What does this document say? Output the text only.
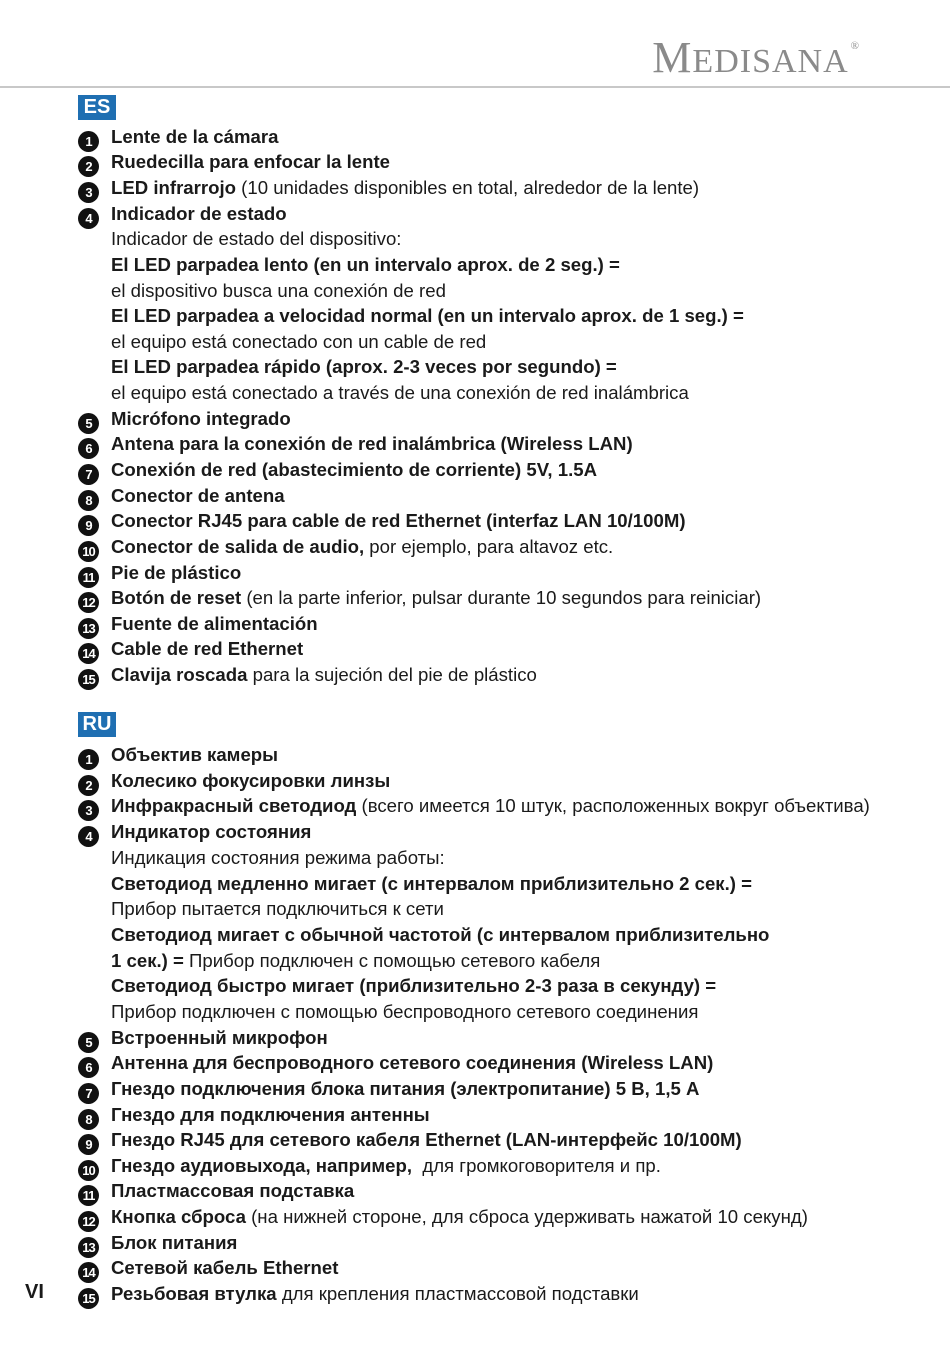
MEDISANA ®
ES
1 Lente de la cámara
2 Ruedecilla para enfocar la lente
3 LED infrarrojo (10 unidades disponibles en total, alrededor de la lente)
4 Indicador de estado
Indicador de estado del dispositivo:
El LED parpadea lento (en un intervalo aprox. de 2 seg.) =
el dispositivo busca una conexión de red
El LED parpadea a velocidad normal (en un intervalo aprox. de 1 seg.) =
el equipo está conectado con un cable de red
El LED parpadea rápido (aprox. 2-3 veces por segundo) =
el equipo está conectado a través de una conexión de red inalámbrica
5 Micrófono integrado
6 Antena para la conexión de red inalámbrica (Wireless LAN)
7 Conexión de red (abastecimiento de corriente) 5V, 1.5A
8 Conector de antena
9 Conector RJ45 para cable de red Ethernet (interfaz LAN 10/100M)
10 Conector de salida de audio, por ejemplo, para altavoz etc.
11 Pie de plástico
12 Botón de reset (en la parte inferior, pulsar durante 10 segundos para reiniciar)
13 Fuente de alimentación
14 Cable de red Ethernet
15 Clavija roscada para la sujeción del pie de plástico
RU
1 Объектив камеры
2 Колесико фокусировки линзы
3 Инфракрасный светодиод (всего имеется 10 штук, расположенных вокруг объектива)
4 Индикатор состояния
Индикация состояния режима работы:
Светодиод медленно мигает (с интервалом приблизительно 2 сек.) =
Прибор пытается подключиться к сети
Светодиод мигает с обычной частотой (с интервалом приблизительно
1 сек.) = Прибор подключен с помощью сетевого кабеля
Светодиод быстро мигает (приблизительно 2-3 раза в секунду) =
Прибор подключен с помощью беспроводного сетевого соединения
5 Встроенный микрофон
6 Антенна для беспроводного сетевого соединения (Wireless LAN)
7 Гнездо подключения блока питания (электропитание) 5 В, 1,5 А
8 Гнездо для подключения антенны
9 Гнездо RJ45 для сетевого кабеля Ethernet (LAN-интерфейс 10/100M)
10 Гнездо аудиовыхода, например,  для громкоговорителя и пр.
11 Пластмассовая подставка
12 Кнопка сброса (на нижней стороне, для сброса удерживать нажатой 10 секунд)
13 Блок питания
14 Сетевой кабель Ethernet
15 Резьбовая втулка для крепления пластмассовой подставки
VI
